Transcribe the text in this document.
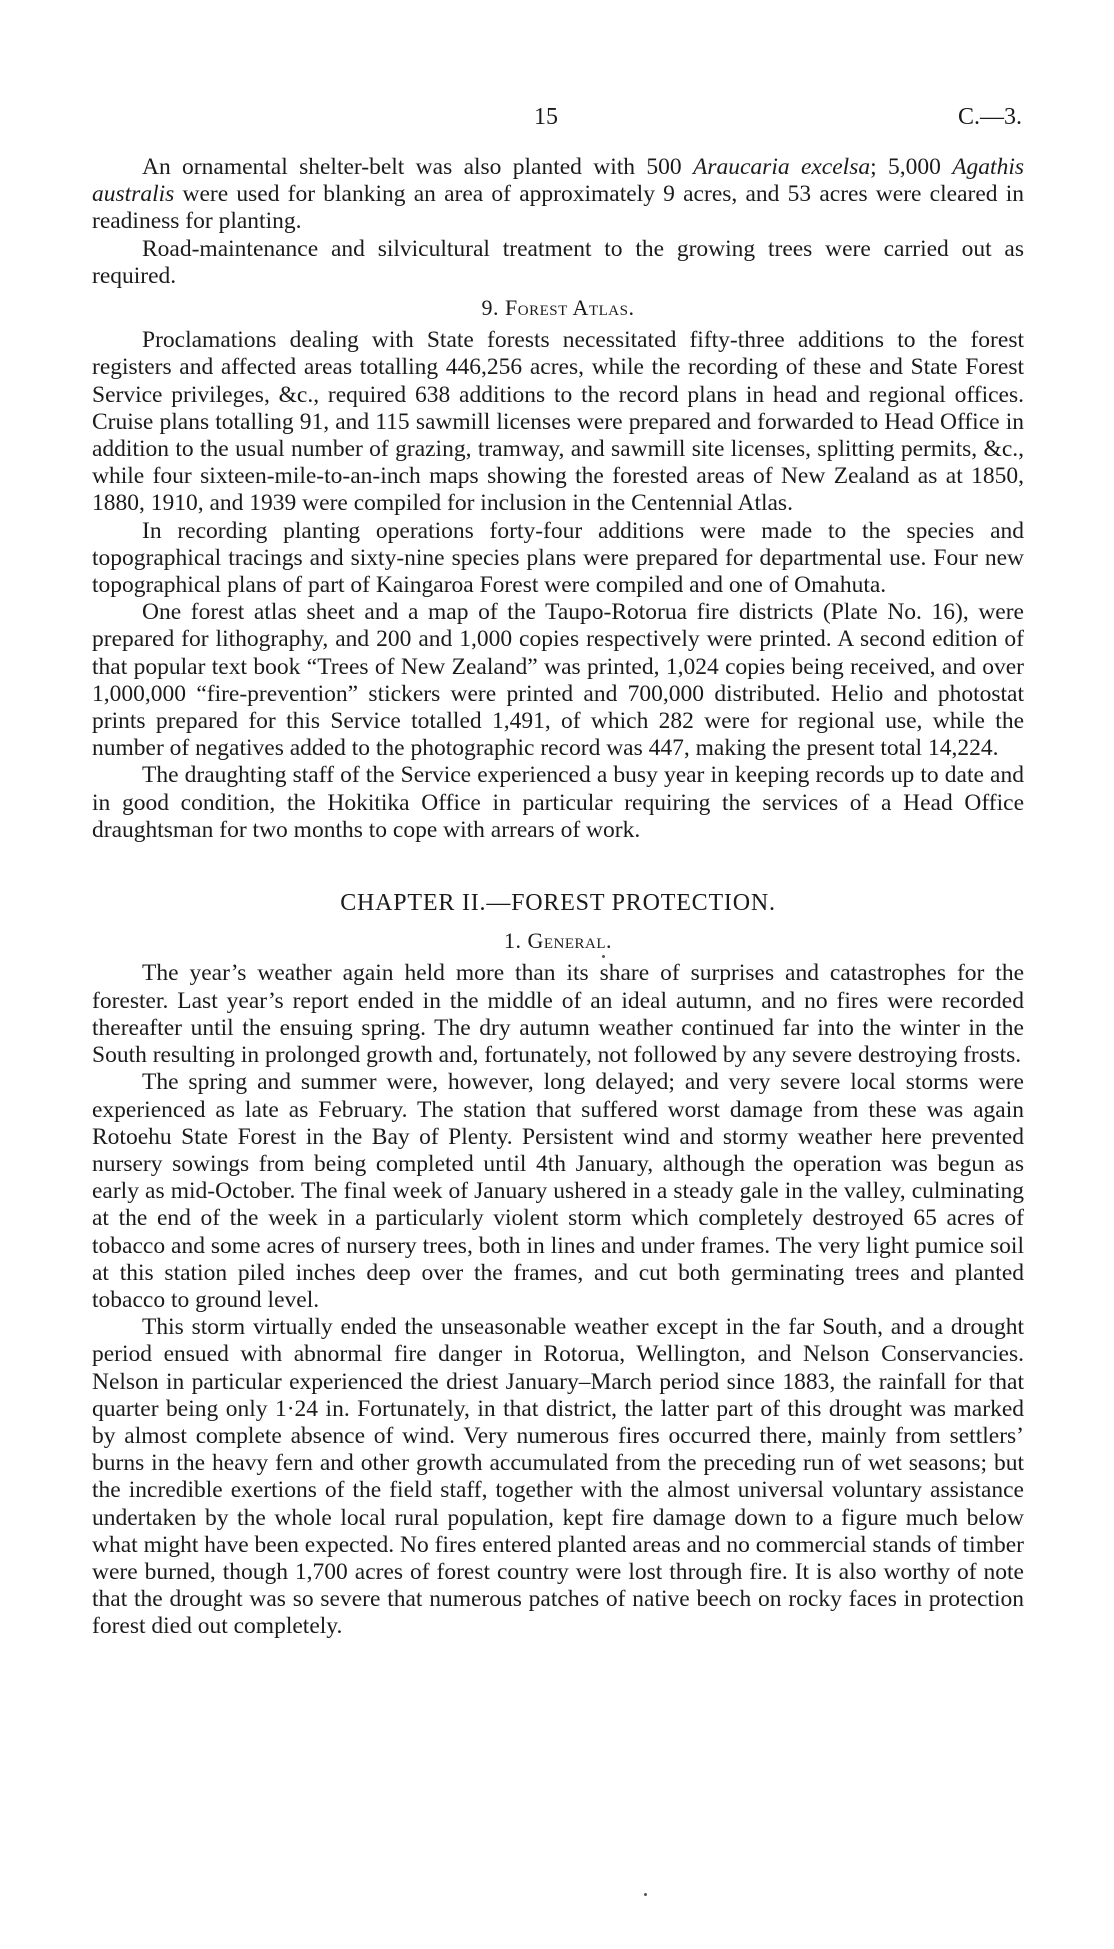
15	C.—3.

An ornamental shelter-belt was also planted with 500 Araucaria excelsa; 5,000 Agathis australis were used for blanking an area of approximately 9 acres, and 53 acres were cleared in readiness for planting.

Road-maintenance and silvicultural treatment to the growing trees were carried out as required.

9. Forest Atlas.

Proclamations dealing with State forests necessitated fifty-three additions to the forest registers and affected areas totalling 446,256 acres, while the recording of these and State Forest Service privileges, &c., required 638 additions to the record plans in head and regional offices. Cruise plans totalling 91, and 115 sawmill licenses were prepared and forwarded to Head Office in addition to the usual number of grazing, tramway, and sawmill site licenses, splitting permits, &c., while four sixteen-mile-to-an-inch maps showing the forested areas of New Zealand as at 1850, 1880, 1910, and 1939 were compiled for inclusion in the Centennial Atlas.

In recording planting operations forty-four additions were made to the species and topographical tracings and sixty-nine species plans were prepared for departmental use. Four new topographical plans of part of Kaingaroa Forest were compiled and one of Omahuta.

One forest atlas sheet and a map of the Taupo-Rotorua fire districts (Plate No. 16), were prepared for lithography, and 200 and 1,000 copies respectively were printed. A second edition of that popular text book “Trees of New Zealand” was printed, 1,024 copies being received, and over 1,000,000 “fire-prevention” stickers were printed and 700,000 distributed. Helio and photostat prints prepared for this Service totalled 1,491, of which 282 were for regional use, while the number of negatives added to the photographic record was 447, making the present total 14,224.

The draughting staff of the Service experienced a busy year in keeping records up to date and in good condition, the Hokitika Office in particular requiring the services of a Head Office draughtsman for two months to cope with arrears of work.

CHAPTER II.—FOREST PROTECTION.
1. General.

The year’s weather again held more than its share of surprises and catastrophes for the forester. Last year’s report ended in the middle of an ideal autumn, and no fires were recorded thereafter until the ensuing spring. The dry autumn weather continued far into the winter in the South resulting in prolonged growth and, fortunately, not followed by any severe destroying frosts.

The spring and summer were, however, long delayed; and very severe local storms were experienced as late as February. The station that suffered worst damage from these was again Rotoehu State Forest in the Bay of Plenty. Persistent wind and stormy weather here prevented nursery sowings from being completed until 4th January, although the operation was begun as early as mid-October. The final week of January ushered in a steady gale in the valley, culminating at the end of the week in a particularly violent storm which completely destroyed 65 acres of tobacco and some acres of nursery trees, both in lines and under frames. The very light pumice soil at this station piled inches deep over the frames, and cut both germinating trees and planted tobacco to ground level.

This storm virtually ended the unseasonable weather except in the far South, and a drought period ensued with abnormal fire danger in Rotorua, Wellington, and Nelson Conservancies. Nelson in particular experienced the driest January–March period since 1883, the rainfall for that quarter being only 1·24 in. Fortunately, in that district, the latter part of this drought was marked by almost complete absence of wind. Very numerous fires occurred there, mainly from settlers’ burns in the heavy fern and other growth accumulated from the preceding run of wet seasons; but the incredible exertions of the field staff, together with the almost universal voluntary assistance undertaken by the whole local rural population, kept fire damage down to a figure much below what might have been expected. No fires entered planted areas and no commercial stands of timber were burned, though 1,700 acres of forest country were lost through fire. It is also worthy of note that the drought was so severe that numerous patches of native beech on rocky faces in protection forest died out completely.
